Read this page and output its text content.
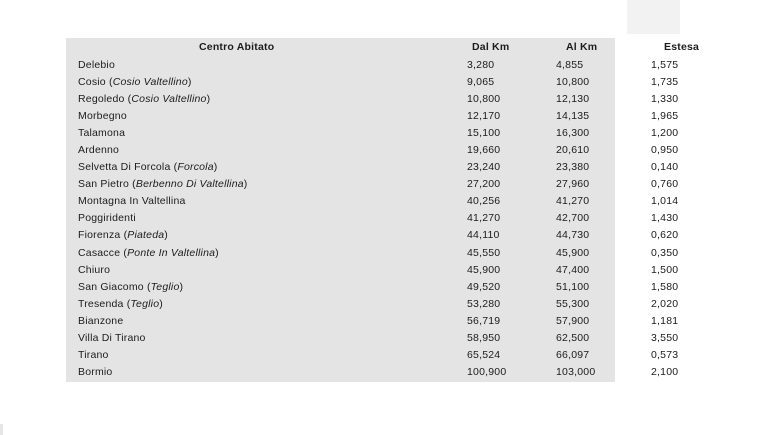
Centro Abitato	Dal Km	Al Km	Estesa
Delebio	3,280	4,855	1,575
Cosio (Cosio Valtellino)	9,065	10,800	1,735
Regoledo (Cosio Valtellino)	10,800	12,130	1,330
Morbegno	12,170	14,135	1,965
Talamona	15,100	16,300	1,200
Ardenno	19,660	20,610	0,950
Selvetta Di Forcola (Forcola)	23,240	23,380	0,140
San Pietro (Berbenno Di Valtellina)	27,200	27,960	0,760
Montagna In Valtellina	40,256	41,270	1,014
Poggiridenti	41,270	42,700	1,430
Fiorenza (Piateda)	44,110	44,730	0,620
Casacce (Ponte In Valtellina)	45,550	45,900	0,350
Chiuro	45,900	47,400	1,500
San Giacomo (Teglio)	49,520	51,100	1,580
Tresenda (Teglio)	53,280	55,300	2,020
Bianzone	56,719	57,900	1,181
Villa Di Tirano	58,950	62,500	3,550
Tirano	65,524	66,097	0,573
Bormio	100,900	103,000	2,100
